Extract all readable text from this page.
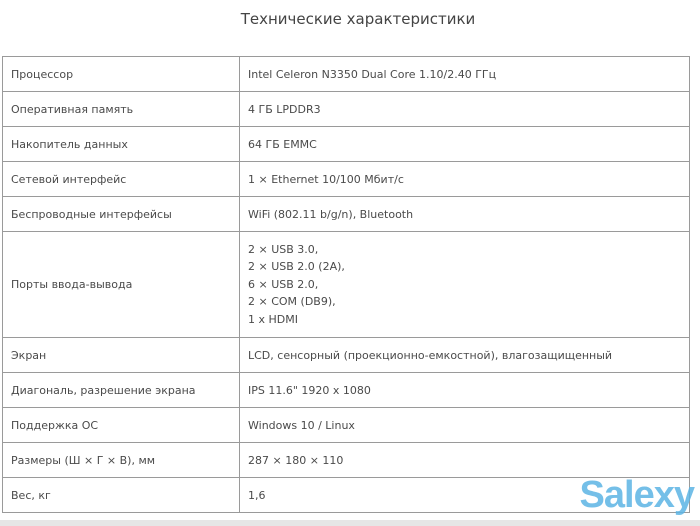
Технические характеристики
Процессор	Intel Celeron N3350 Dual Core 1.10/2.40 ГГц
Оперативная память	4 ГБ LPDDR3
Накопитель данных	64 ГБ EMMC
Сетевой интерфейс	1 × Ethernet 10/100 Мбит/с
Беспроводные интерфейсы	WiFi (802.11 b/g/n), Bluetooth
Порты ввода-вывода	2 × USB 3.0,
2 × USB 2.0 (2A),
6 × USB 2.0,
2 × COM (DB9),
1 x HDMI

Экран	LCD, сенсорный (проекционно-емкостной), влагозащищенный
Диагональ, разрешение экрана	IPS 11.6" 1920 x 1080
Поддержка ОС	Windows 10 / Linux
Размеры (Ш × Г × В), мм	287 × 180 × 110
Вес, кг	1,6	Salexy
